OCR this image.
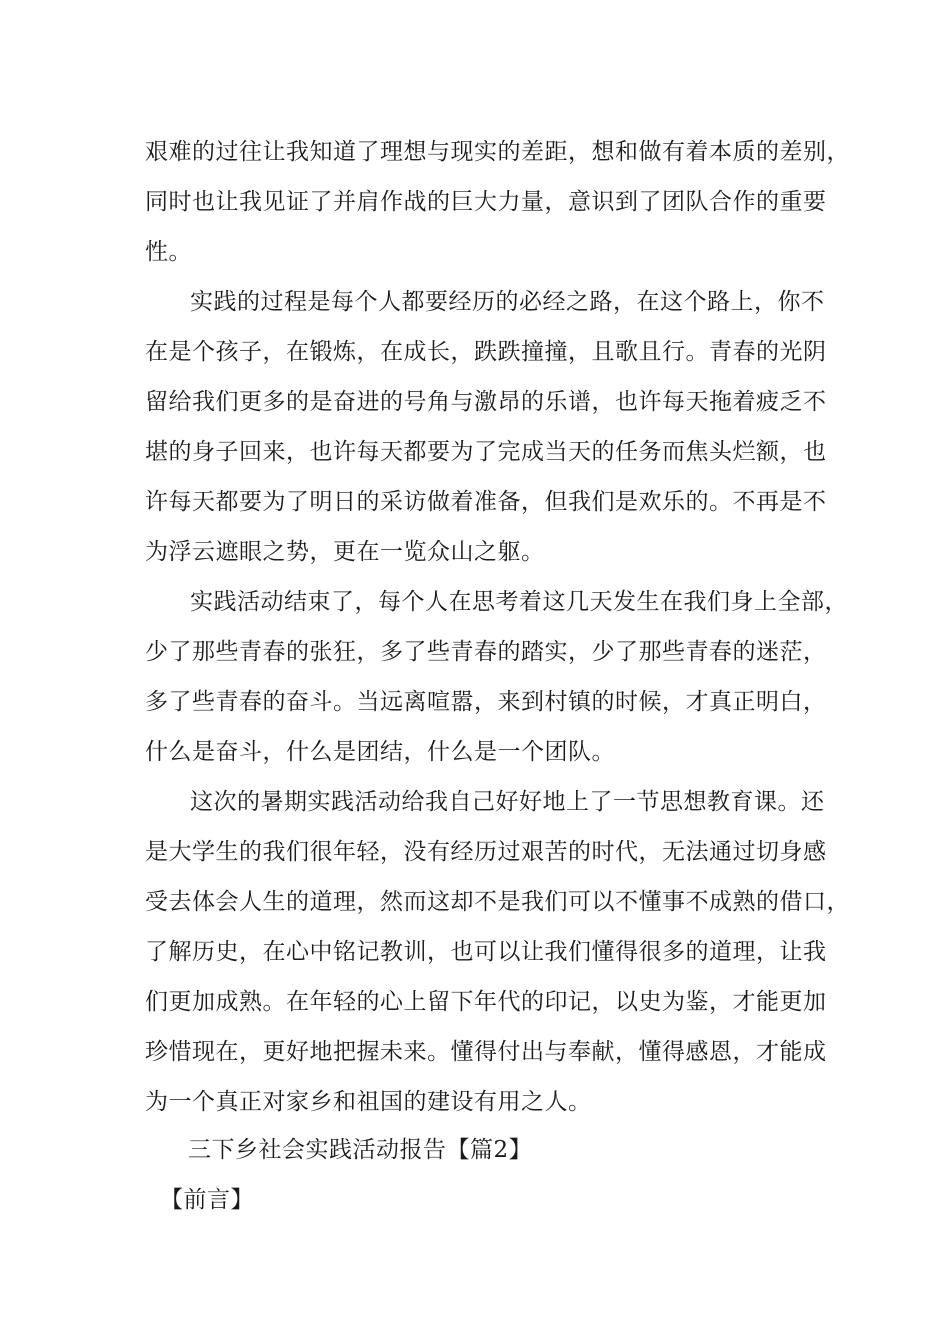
艰难的过往让我知道了理想与现实的差距，想和做有着本质的差别，
同时也让我见证了并肩作战的巨大力量，意识到了团队合作的重要
性。
实践的过程是每个人都要经历的必经之路，在这个路上，你不
在是个孩子，在锻炼，在成长，跌跌撞撞，且歌且行。青春的光阴
留给我们更多的是奋进的号角与激昂的乐谱，也许每天拖着疲乏不
堪的身子回来，也许每天都要为了完成当天的任务而焦头烂额，也
许每天都要为了明日的采访做着准备，但我们是欢乐的。不再是不
为浮云遮眼之势，更在一览众山之躯。
实践活动结束了，每个人在思考着这几天发生在我们身上全部，
少了那些青春的张狂，多了些青春的踏实，少了那些青春的迷茫，
多了些青春的奋斗。当远离喧嚣，来到村镇的时候，才真正明白，
什么是奋斗，什么是团结，什么是一个团队。
这次的暑期实践活动给我自己好好地上了一节思想教育课。还
是大学生的我们很年轻，没有经历过艰苦的时代，无法通过切身感
受去体会人生的道理，然而这却不是我们可以不懂事不成熟的借口，
了解历史，在心中铭记教训，也可以让我们懂得很多的道理，让我
们更加成熟。在年轻的心上留下年代的印记，以史为鉴，才能更加
珍惜现在，更好地把握未来。懂得付出与奉献，懂得感恩，才能成
为一个真正对家乡和祖国的建设有用之人。
三下乡社会实践活动报告【篇2】
【前言】
